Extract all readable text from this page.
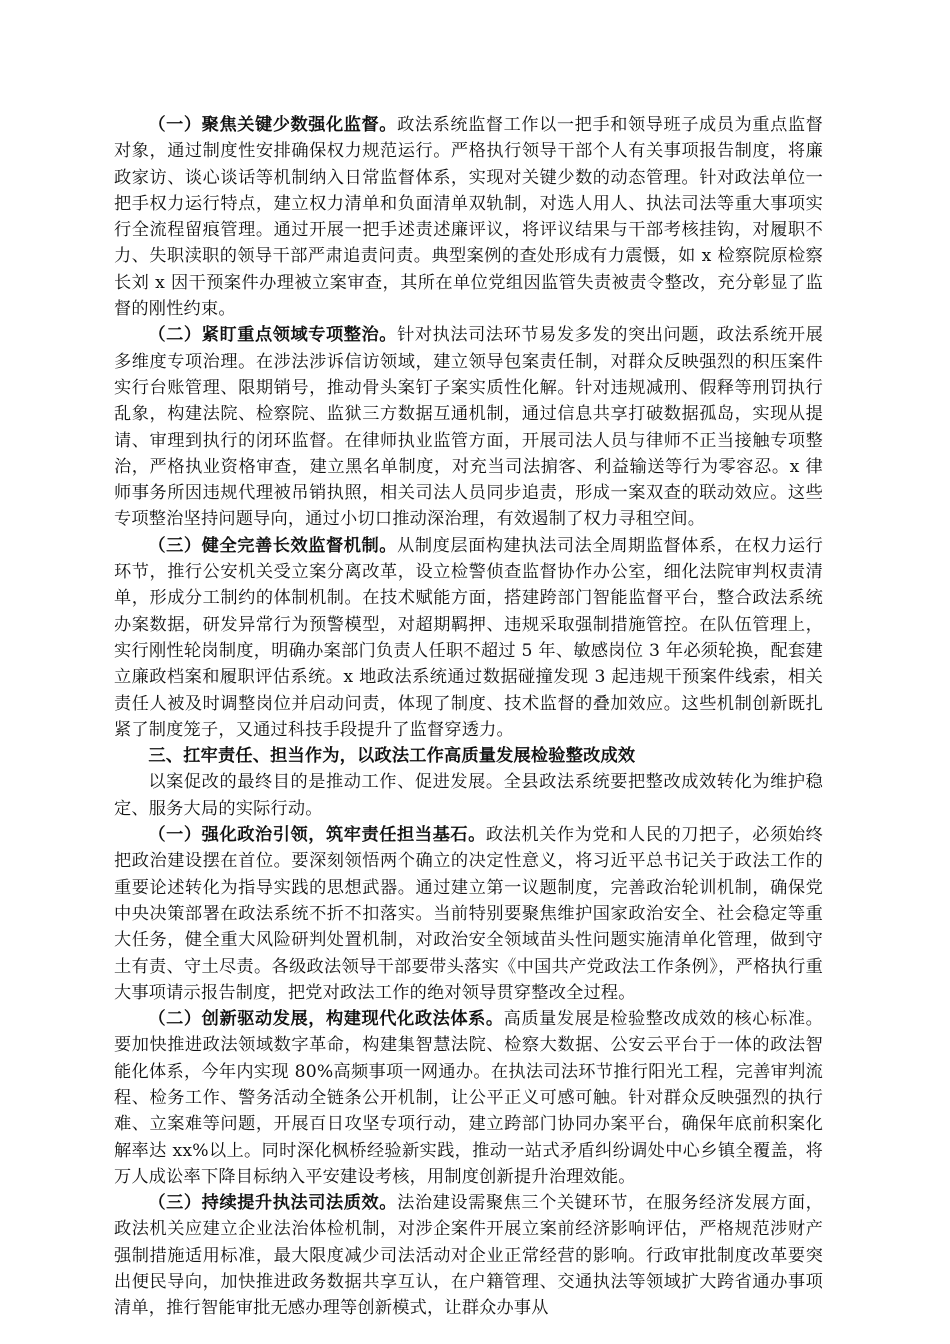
（一）聚焦关键少数强化监督。政法系统监督工作以一把手和领导班子成员为重点监督对象，通过制度性安排确保权力规范运行。严格执行领导干部个人有关事项报告制度，将廉政家访、谈心谈话等机制纳入日常监督体系，实现对关键少数的动态管理。针对政法单位一把手权力运行特点，建立权力清单和负面清单双轨制，对选人用人、执法司法等重大事项实行全流程留痕管理。通过开展一把手述责述廉评议，将评议结果与干部考核挂钩，对履职不力、失职渎职的领导干部严肃追责问责。典型案例的查处形成有力震慑，如 x 检察院原检察长刘 x 因干预案件办理被立案审查，其所在单位党组因监管失责被责令整改，充分彰显了监督的刚性约束。

（二）紧盯重点领域专项整治。针对执法司法环节易发多发的突出问题，政法系统开展多维度专项治理。在涉法涉诉信访领域，建立领导包案责任制，对群众反映强烈的积压案件实行台账管理、限期销号，推动骨头案钉子案实质性化解。针对违规减刑、假释等刑罚执行乱象，构建法院、检察院、监狱三方数据互通机制，通过信息共享打破数据孤岛，实现从提请、审理到执行的闭环监督。在律师执业监管方面，开展司法人员与律师不正当接触专项整治，严格执业资格审查，建立黑名单制度，对充当司法掮客、利益输送等行为零容忍。x 律师事务所因违规代理被吊销执照，相关司法人员同步追责，形成一案双查的联动效应。这些专项整治坚持问题导向，通过小切口推动深治理，有效遏制了权力寻租空间。

（三）健全完善长效监督机制。从制度层面构建执法司法全周期监督体系，在权力运行环节，推行公安机关受立案分离改革，设立检警侦查监督协作办公室，细化法院审判权责清单，形成分工制约的体制机制。在技术赋能方面，搭建跨部门智能监督平台，整合政法系统办案数据，研发异常行为预警模型，对超期羁押、违规采取强制措施管控。在队伍管理上，实行刚性轮岗制度，明确办案部门负责人任职不超过 5 年、敏感岗位 3 年必须轮换，配套建立廉政档案和履职评估系统。x 地政法系统通过数据碰撞发现 3 起违规干预案件线索，相关责任人被及时调整岗位并启动问责，体现了制度、技术监督的叠加效应。这些机制创新既扎紧了制度笼子，又通过科技手段提升了监督穿透力。

三、扛牢责任、担当作为，以政法工作高质量发展检验整改成效

以案促改的最终目的是推动工作、促进发展。全县政法系统要把整改成效转化为维护稳定、服务大局的实际行动。

（一）强化政治引领，筑牢责任担当基石。政法机关作为党和人民的刀把子，必须始终把政治建设摆在首位。要深刻领悟两个确立的决定性意义，将习近平总书记关于政法工作的重要论述转化为指导实践的思想武器。通过建立第一议题制度，完善政治轮训机制，确保党中央决策部署在政法系统不折不扣落实。当前特别要聚焦维护国家政治安全、社会稳定等重大任务，健全重大风险研判处置机制，对政治安全领域苗头性问题实施清单化管理，做到守土有责、守土尽责。各级政法领导干部要带头落实《中国共产党政法工作条例》，严格执行重大事项请示报告制度，把党对政法工作的绝对领导贯穿整改全过程。

（二）创新驱动发展，构建现代化政法体系。高质量发展是检验整改成效的核心标准。要加快推进政法领域数字革命，构建集智慧法院、检察大数据、公安云平台于一体的政法智能化体系，今年内实现 80%高频事项一网通办。在执法司法环节推行阳光工程，完善审判流程、检务工作、警务活动全链条公开机制，让公平正义可感可触。针对群众反映强烈的执行难、立案难等问题，开展百日攻坚专项行动，建立跨部门协同办案平台，确保年底前积案化解率达 xx%以上。同时深化枫桥经验新实践，推动一站式矛盾纠纷调处中心乡镇全覆盖，将万人成讼率下降目标纳入平安建设考核，用制度创新提升治理效能。

（三）持续提升执法司法质效。法治建设需聚焦三个关键环节，在服务经济发展方面，政法机关应建立企业法治体检机制，对涉企案件开展立案前经济影响评估，严格规范涉财产强制措施适用标准，最大限度减少司法活动对企业正常经营的影响。行政审批制度改革要突出便民导向，加快推进政务数据共享互认，在户籍管理、交通执法等领域扩大跨省通办事项清单，推行智能审批无感办理等创新模式，让群众办事从
